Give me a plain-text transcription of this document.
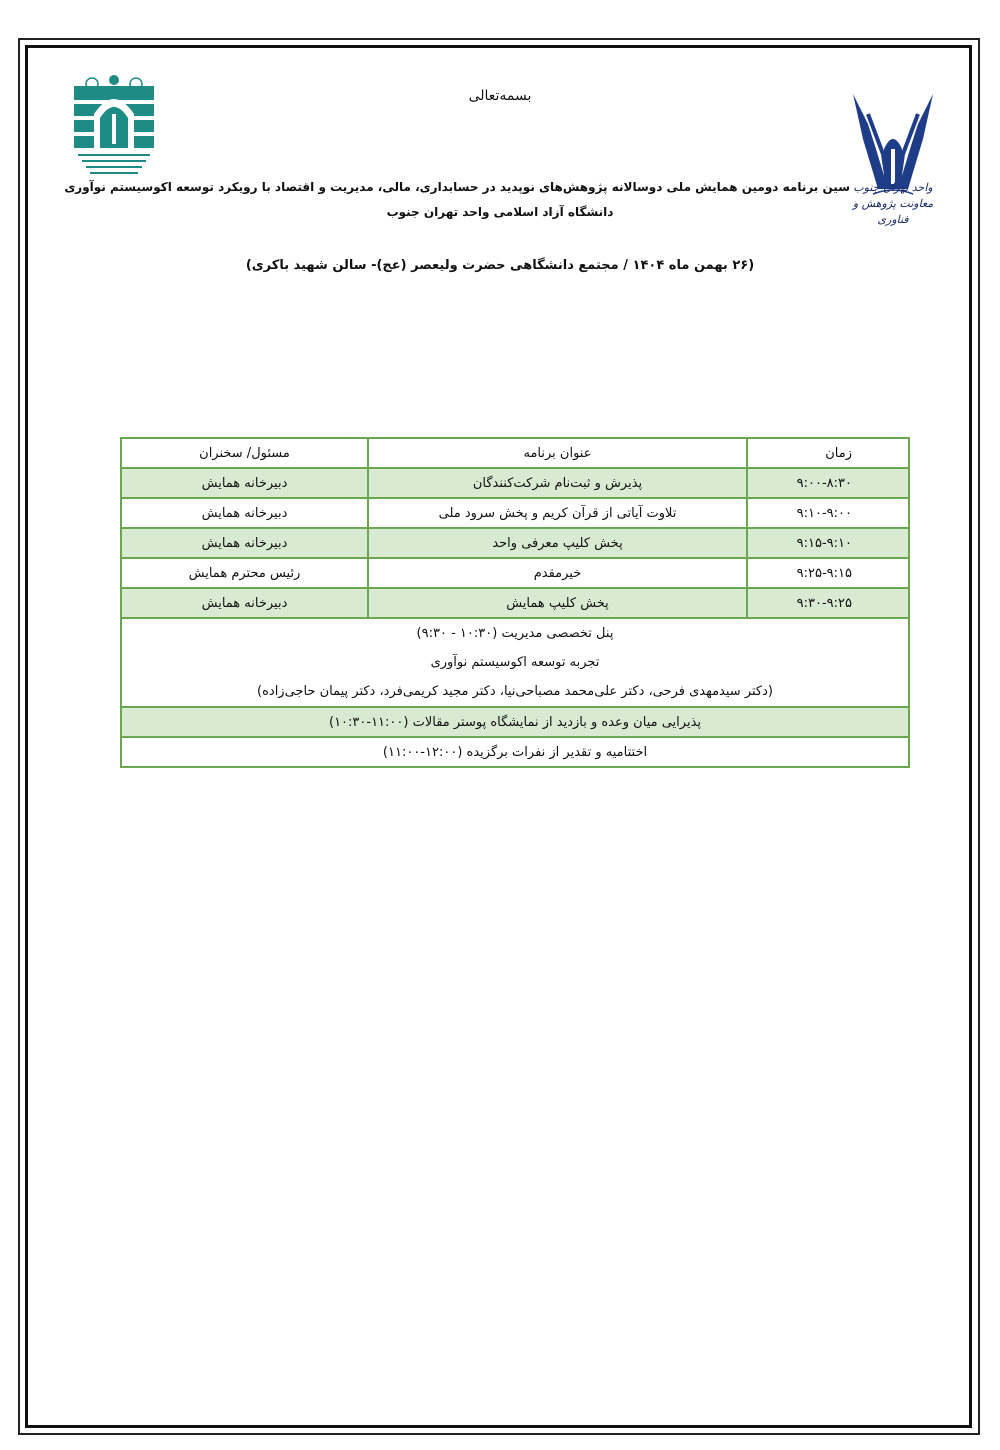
واحد تهران جنوب
معاونت پژوهش و فناوری
بسمه‌تعالی
سین برنامه دومین همایش ملی دوسالانه پژوهش‌های نوپدید در حسابداری، مالی، مدیریت و اقتصاد با رویکرد توسعه اکوسیستم نوآوری
دانشگاه آزاد اسلامی واحد تهران جنوب
(۲۶ بهمن ماه ۱۴۰۴ / مجتمع دانشگاهی حضرت ولیعصر (عج)- سالن شهید باکری)
زمان	عنوان برنامه	مسئول/ سخنران
۹:۰۰-۸:۳۰	پذیرش و ثبت‌نام شرکت‌کنندگان	دبیرخانه همایش
۹:۱۰-۹:۰۰	تلاوت آیاتی از قرآن کریم و پخش سرود ملی	دبیرخانه همایش
۹:۱۵-۹:۱۰	پخش کلیپ معرفی واحد	دبیرخانه همایش
۹:۲۵-۹:۱۵	خیرمقدم	رئیس محترم همایش
۹:۳۰-۹:۲۵	پخش کلیپ همایش	دبیرخانه همایش

پنل تخصصی مدیریت (۱۰:۳۰ - ۹:۳۰)
تجربه توسعه اکوسیستم نوآوری
(دکتر سیدمهدی فرحی، دکتر علی‌محمد مصباحی‌نیا، دکتر مجید کریمی‌فرد، دکتر پیمان حاجی‌زاده)		

پذیرایی میان وعده و بازدید از نمایشگاه پوستر مقالات (۱۱:۰۰-۱۰:۳۰)		
اختتامیه و تقدیر از نفرات برگزیده (۱۲:۰۰-۱۱:۰۰)		
